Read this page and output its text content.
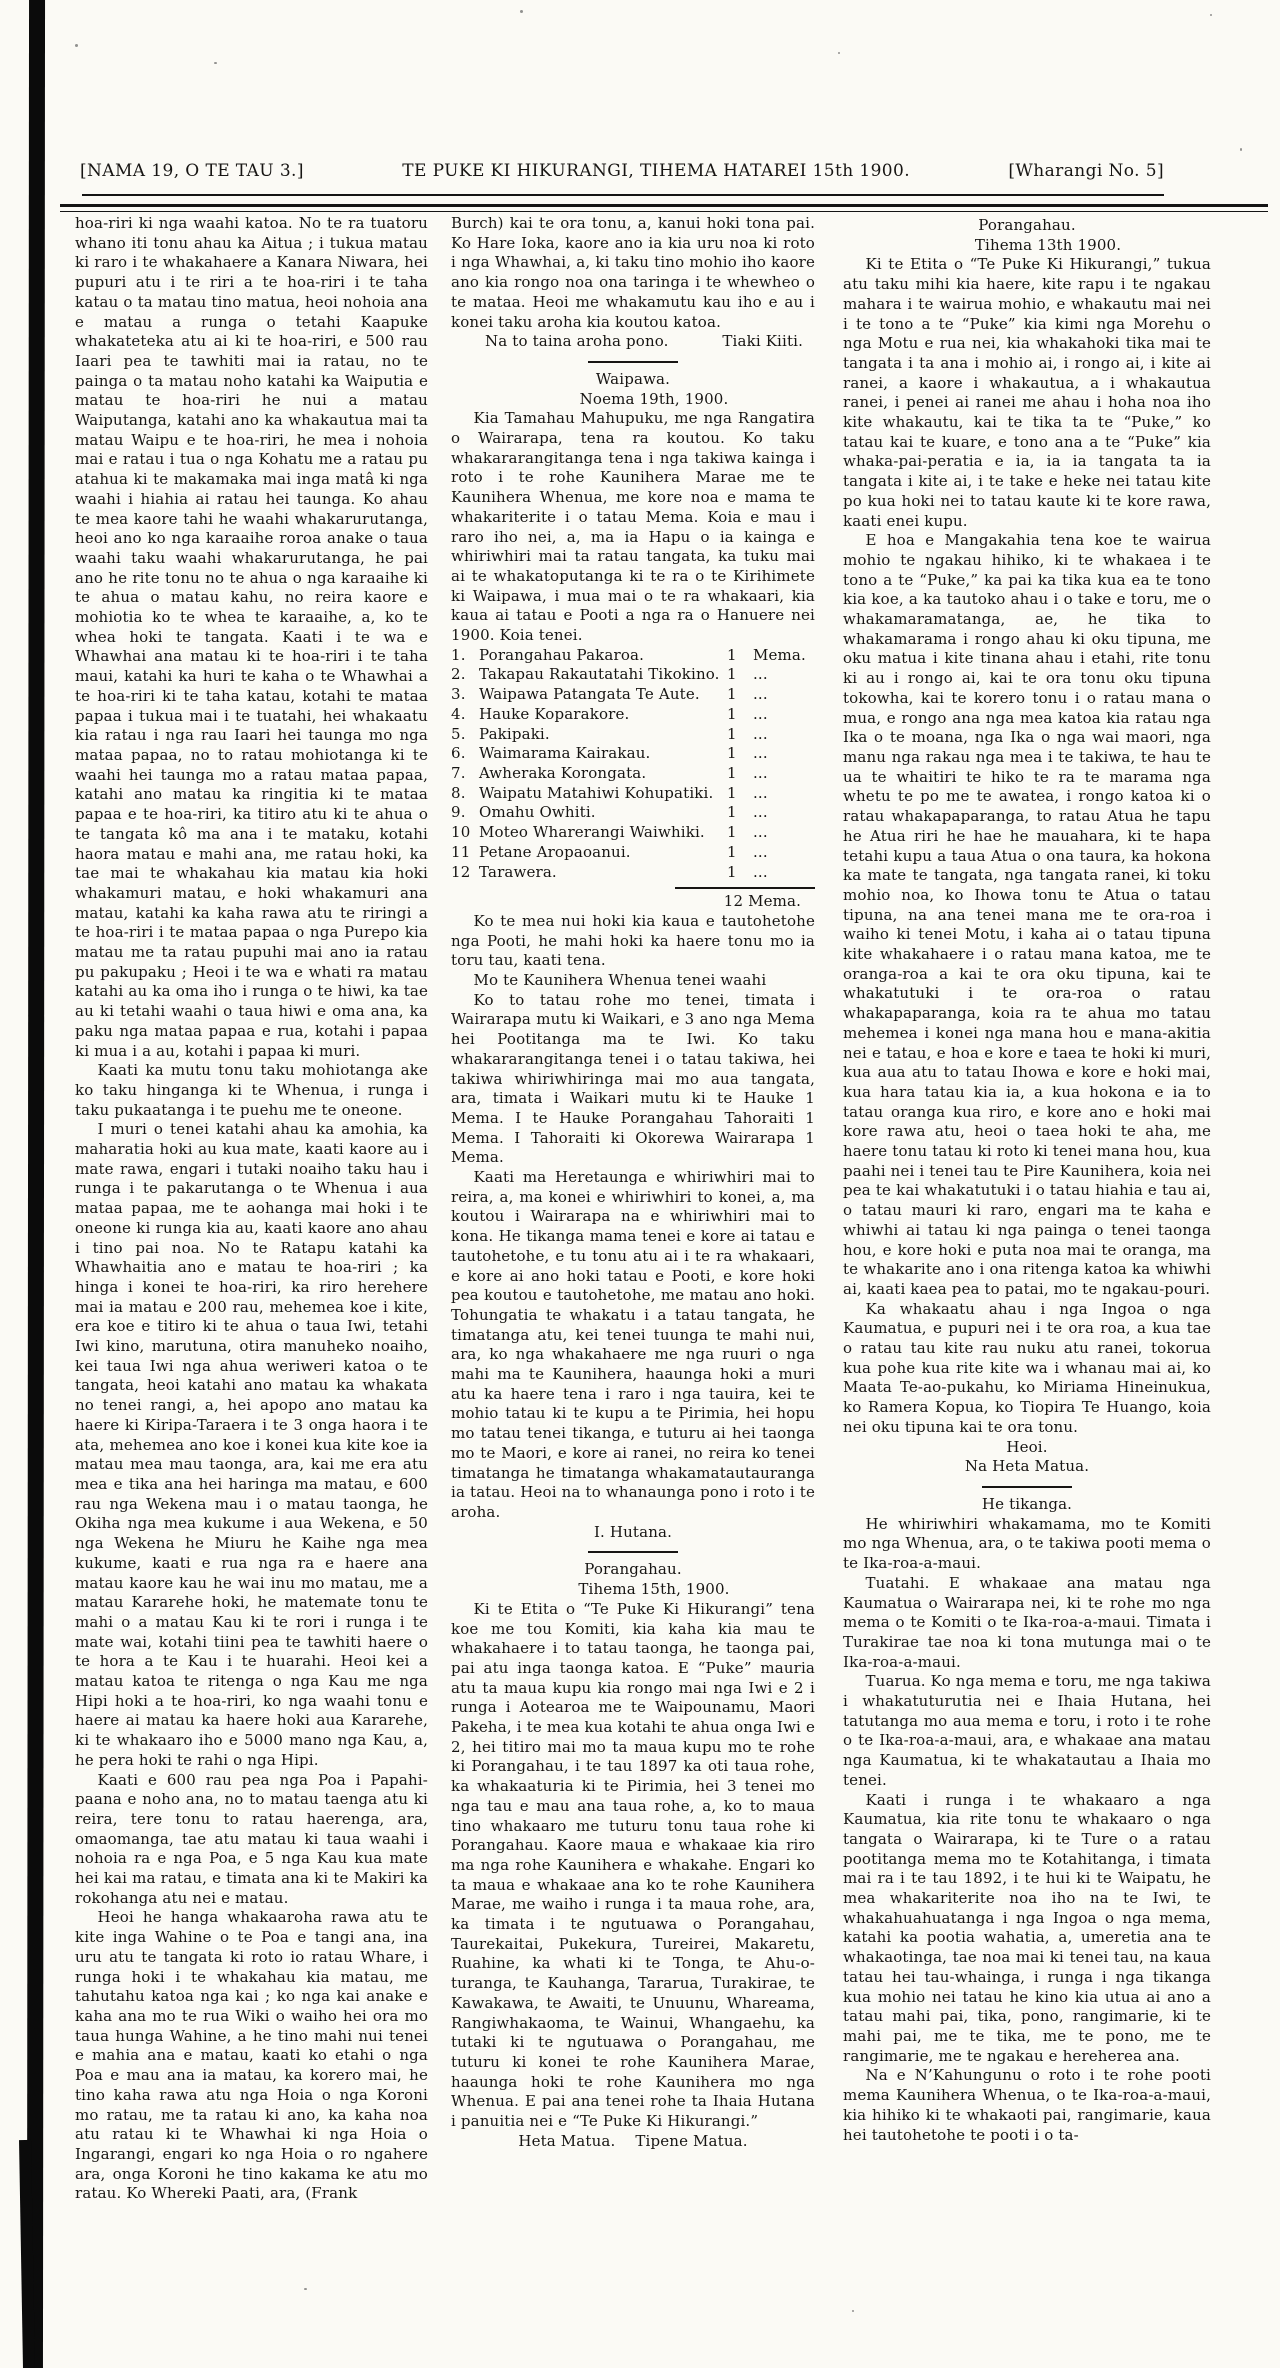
[NAMA 19, O TE TAU 3.]	TE PUKE KI HIKURANGI, TIHEMA HATAREI 15th 1900.	[Wharangi No. 5]

hoa-riri ki nga waahi katoa. No te ra tuatoru whano iti tonu ahau ka Aitua ; i tukua matau ki raro i te whakahaere a Kanara Niwara, hei pupuri atu i te riri a te hoa-riri i te taha katau o ta matau tino matua, heoi nohoia ana e matau a runga o tetahi Kaapuke whakateteka atu ai ki te hoa-riri, e 500 rau Iaari pea te tawhiti mai ia ratau, no te painga o ta matau noho katahi ka Waiputia e matau te hoa-riri he nui a matau Waiputanga, katahi ano ka whakautua mai ta matau Waipu e te hoa-riri, he mea i nohoia mai e ratau i tua o nga Kohatu me a ratau pu atahua ki te makamaka mai inga matâ ki nga waahi i hiahia ai ratau hei taunga. Ko ahau te mea kaore tahi he waahi whakarurutanga, heoi ano ko nga karaaihe roroa anake o taua waahi taku waahi whakarurutanga, he pai ano he rite tonu no te ahua o nga karaaihe ki te ahua o matau kahu, no reira kaore e mohiotia ko te whea te karaaihe, a, ko te whea hoki te tangata. Kaati i te wa e Whawhai ana matau ki te hoa-riri i te taha maui, katahi ka huri te kaha o te Whawhai a te hoa-riri ki te taha katau, kotahi te mataa papaa i tukua mai i te tuatahi, hei whakaatu kia ratau i nga rau Iaari hei taunga mo nga mataa papaa, no to ratau mohiotanga ki te waahi hei taunga mo a ratau mataa papaa, katahi ano matau ka ringitia ki te mataa papaa e te hoa-riri, ka titiro atu ki te ahua o te tangata kô ma ana i te mataku, kotahi haora matau e mahi ana, me ratau hoki, ka tae mai te whakahau kia matau kia hoki whakamuri matau, e hoki whakamuri ana matau, katahi ka kaha rawa atu te riringi a te hoa-riri i te mataa papaa o nga Purepo kia matau me ta ratau pupuhi mai ano ia ratau pu pakupaku ; Heoi i te wa e whati ra matau katahi au ka oma iho i runga o te hiwi, ka tae au ki tetahi waahi o taua hiwi e oma ana, ka paku nga mataa papaa e rua, kotahi i papaa ki mua i a au, kotahi i papaa ki muri.

Kaati ka mutu tonu taku mohiotanga ake ko taku hinganga ki te Whenua, i runga i taku pukaatanga i te puehu me te oneone.

I muri o tenei katahi ahau ka amohia, ka maharatia hoki au kua mate, kaati kaore au i mate rawa, engari i tutaki noaiho taku hau i runga i te pakarutanga o te Whenua i aua mataa papaa, me te aohanga mai hoki i te oneone ki runga kia au, kaati kaore ano ahau i tino pai noa. No te Ratapu katahi ka Whawhaitia ano e matau te hoa-riri ; ka hinga i konei te hoa-riri, ka riro herehere mai ia matau e 200 rau, mehemea koe i kite, era koe e titiro ki te ahua o taua Iwi, tetahi Iwi kino, marutuna, otira manuheko noaiho, kei taua Iwi nga ahua weriweri katoa o te tangata, heoi katahi ano matau ka whakata no tenei rangi, a, hei apopo ano matau ka haere ki Kiripa-Taraera i te 3 onga haora i te ata, mehemea ano koe i konei kua kite koe ia matau mea mau taonga, ara, kai me era atu mea e tika ana hei haringa ma matau, e 600 rau nga Wekena mau i o matau taonga, he Okiha nga mea kukume i aua Wekena, e 50 nga Wekena he Miuru he Kaihe nga mea kukume, kaati e rua nga ra e haere ana matau kaore kau he wai inu mo matau, me a matau Kararehe hoki, he matemate tonu te mahi o a matau Kau ki te rori i runga i te mate wai, kotahi tiini pea te tawhiti haere o te hora a te Kau i te huarahi. Heoi kei a matau katoa te ritenga o nga Kau me nga Hipi hoki a te hoa-riri, ko nga waahi tonu e haere ai matau ka haere hoki aua Kararehe, ki te whakaaro iho e 5000 mano nga Kau, a, he pera hoki te rahi o nga Hipi.

Kaati e 600 rau pea nga Poa i Papahi-paana e noho ana, no to matau taenga atu ki reira, tere tonu to ratau haerenga, ara, omaomanga, tae atu matau ki taua waahi i nohoia ra e nga Poa, e 5 nga Kau kua mate hei kai ma ratau, e timata ana ki te Makiri ka rokohanga atu nei e matau.

Heoi he hanga whakaaroha rawa atu te kite inga Wahine o te Poa e tangi ana, ina uru atu te tangata ki roto io ratau Whare, i runga hoki i te whakahau kia matau, me tahutahu katoa nga kai ; ko nga kai anake e kaha ana mo te rua Wiki o waiho hei ora mo taua hunga Wahine, a he tino mahi nui tenei e mahia ana e matau, kaati ko etahi o nga Poa e mau ana ia matau, ka korero mai, he tino kaha rawa atu nga Hoia o nga Koroni mo ratau, me ta ratau ki ano, ka kaha noa atu ratau ki te Whawhai ki nga Hoia o Ingarangi, engari ko nga Hoia o ro ngahere ara, onga Koroni he tino kakama ke atu mo ratau. Ko Whereki Paati, ara, (Frank

Burch) kai te ora tonu, a, kanui hoki tona pai. Ko Hare Ioka, kaore ano ia kia uru noa ki roto i nga Whawhai, a, ki taku tino mohio iho kaore ano kia rongo noa ona taringa i te whewheo o te mataa. Heoi me whakamutu kau iho e au i konei taku aroha kia koutou katoa.

Na to taina aroha pono.	Tiaki Kiiti.

Waipawa.

Noema 19th, 1900.

Kia Tamahau Mahupuku, me nga Rangatira o Wairarapa, tena ra koutou. Ko taku whakararangitanga tena i nga takiwa kainga i roto i te rohe Kaunihera Marae me te Kaunihera Whenua, me kore noa e mama te whakariterite i o tatau Mema. Koia e mau i raro iho nei, a, ma ia Hapu o ia kainga e whiriwhiri mai ta ratau tangata, ka tuku mai ai te whakatoputanga ki te ra o te Kirihimete ki Waipawa, i mua mai o te ra whakaari, kia kaua ai tatau e Pooti a nga ra o Hanuere nei 1900. Koia tenei.

1. Porangahau Pakaroa.	1	Mema.
2. Takapau Rakautatahi Tikokino. 1	...
3. Waipawa Patangata Te Aute.	1	...
4. Hauke Koparakore.	1	...
5. Pakipaki.	1	...
6. Waimarama Kairakau.	1	...
7. Awheraka Korongata.	1	...
8. Waipatu Matahiwi Kohupatiki. 1	...
9. Omahu Owhiti.	1	...
10 Moteo Wharerangi Waiwhiki.	1	...
11 Petane Aropaoanui.	1	...
12 Tarawera.	1	...

12 Mema.

Ko te mea nui hoki kia kaua e tautohetohe nga Pooti, he mahi hoki ka haere tonu mo ia toru tau, kaati tena.

Mo te Kaunihera Whenua tenei waahi

Ko to tatau rohe mo tenei, timata i Wairarapa mutu ki Waikari, e 3 ano nga Mema hei Pootitanga ma te Iwi. Ko taku whakararangitanga tenei i o tatau takiwa, hei takiwa whiriwhiringa mai mo aua tangata, ara, timata i Waikari mutu ki te Hauke 1 Mema. I te Hauke Porangahau Tahoraiti 1 Mema. I Tahoraiti ki Okorewa Wairarapa 1 Mema.

Kaati ma Heretaunga e whiriwhiri mai to reira, a, ma konei e whiriwhiri to konei, a, ma koutou i Wairarapa na e whiriwhiri mai to kona. He tikanga mama tenei e kore ai tatau e tautohetohe, e tu tonu atu ai i te ra whakaari, e kore ai ano hoki tatau e Pooti, e kore hoki pea koutou e tautohetohe, me matau ano hoki. Tohungatia te whakatu i a tatau tangata, he timatanga atu, kei tenei tuunga te mahi nui, ara, ko nga whakahaere me nga ruuri o nga mahi ma te Kaunihera, haaunga hoki a muri atu ka haere tena i raro i nga tauira, kei te mohio tatau ki te kupu a te Pirimia, hei hopu mo tatau tenei tikanga, e tuturu ai hei taonga mo te Maori, e kore ai ranei, no reira ko tenei timatanga he timatanga whakamatautauranga ia tatau. Heoi na to whanaunga pono i roto i te aroha.

I. Hutana.

Porangahau.

Tihema 15th, 1900.

Ki te Etita o “Te Puke Ki Hikurangi” tena koe me tou Komiti, kia kaha kia mau te whakahaere i to tatau taonga, he taonga pai, pai atu inga taonga katoa. E “Puke” mauria atu ta maua kupu kia rongo mai nga Iwi e 2 i runga i Aotearoa me te Waipounamu, Maori Pakeha, i te mea kua kotahi te ahua onga Iwi e 2, hei titiro mai mo ta maua kupu mo te rohe ki Porangahau, i te tau 1897 ka oti taua rohe, ka whakaaturia ki te Pirimia, hei 3 tenei mo nga tau e mau ana taua rohe, a, ko to maua tino whakaaro me tuturu tonu taua rohe ki Porangahau. Kaore maua e whakaae kia riro ma nga rohe Kaunihera e whakahe. Engari ko ta maua e whakaae ana ko te rohe Kaunihera Marae, me waiho i runga i ta maua rohe, ara, ka timata i te ngutuawa o Porangahau, Taurekaitai, Pukekura, Tureirei, Makaretu, Ruahine, ka whati ki te Tonga, te Ahu-o-turanga, te Kauhanga, Tararua, Turakirae, te Kawakawa, te Awaiti, te Unuunu, Whareama, Rangiwhakaoma, te Wainui, Whangaehu, ka tutaki ki te ngutuawa o Porangahau, me tuturu ki konei te rohe Kaunihera Marae, haaunga hoki te rohe Kaunihera mo nga Whenua. E pai ana tenei rohe ta Ihaia Hutana i panuitia nei e “Te Puke Ki Hikurangi.”

Heta Matua. Tipene Matua.

Porangahau.

Tihema 13th 1900.

Ki te Etita o “Te Puke Ki Hikurangi,” tukua atu taku mihi kia haere, kite rapu i te ngakau mahara i te wairua mohio, e whakautu mai nei i te tono a te “Puke” kia kimi nga Morehu o nga Motu e rua nei, kia whakahoki tika mai te tangata i ta ana i mohio ai, i rongo ai, i kite ai ranei, a kaore i whakautua, a i whakautua ranei, i penei ai ranei me ahau i hoha noa iho kite whakautu, kai te tika ta te “Puke,” ko tatau kai te kuare, e tono ana a te “Puke” kia whaka-pai-peratia e ia, ia ia tangata ta ia tangata i kite ai, i te take e heke nei tatau kite po kua hoki nei to tatau kaute ki te kore rawa, kaati enei kupu.

E hoa e Mangakahia tena koe te wairua mohio te ngakau hihiko, ki te whakaea i te tono a te “Puke,” ka pai ka tika kua ea te tono kia koe, a ka tautoko ahau i o take e toru, me o whakamaramatanga, ae, he tika to whakamarama i rongo ahau ki oku tipuna, me oku matua i kite tinana ahau i etahi, rite tonu ki au i rongo ai, kai te ora tonu oku tipuna tokowha, kai te korero tonu i o ratau mana o mua, e rongo ana nga mea katoa kia ratau nga Ika o te moana, nga Ika o nga wai maori, nga manu nga rakau nga mea i te takiwa, te hau te ua te whaitiri te hiko te ra te marama nga whetu te po me te awatea, i rongo katoa ki o ratau whakapaparanga, to ratau Atua he tapu he Atua riri he hae he mauahara, ki te hapa tetahi kupu a taua Atua o ona taura, ka hokona ka mate te tangata, nga tangata ranei, ki toku mohio noa, ko Ihowa tonu te Atua o tatau tipuna, na ana tenei mana me te ora-roa i waiho ki tenei Motu, i kaha ai o tatau tipuna kite whakahaere i o ratau mana katoa, me te oranga-roa a kai te ora oku tipuna, kai te whakatutuki i te ora-roa o ratau whakapaparanga, koia ra te ahua mo tatau mehemea i konei nga mana hou e mana-akitia nei e tatau, e hoa e kore e taea te hoki ki muri, kua aua atu to tatau Ihowa e kore e hoki mai, kua hara tatau kia ia, a kua hokona e ia to tatau oranga kua riro, e kore ano e hoki mai kore rawa atu, heoi o taea hoki te aha, me haere tonu tatau ki roto ki tenei mana hou, kua paahi nei i tenei tau te Pire Kaunihera, koia nei pea te kai whakatutuki i o tatau hiahia e tau ai, o tatau mauri ki raro, engari ma te kaha e whiwhi ai tatau ki nga painga o tenei taonga hou, e kore hoki e puta noa mai te oranga, ma te whakarite ano i ona ritenga katoa ka whiwhi ai, kaati kaea pea to patai, mo te ngakau-pouri.

Ka whakaatu ahau i nga Ingoa o nga Kaumatua, e pupuri nei i te ora roa, a kua tae o ratau tau kite rau nuku atu ranei, tokorua kua pohe kua rite kite wa i whanau mai ai, ko Maata Te-ao-pukahu, ko Miriama Hineinukua, ko Ramera Kopua, ko Tiopira Te Huango, koia nei oku tipuna kai te ora tonu.

Heoi.

Na Heta Matua.

He tikanga.

He whiriwhiri whakamama, mo te Komiti mo nga Whenua, ara, o te takiwa pooti mema o te Ika-roa-a-maui.

Tuatahi. E whakaae ana matau nga Kaumatua o Wairarapa nei, ki te rohe mo nga mema o te Komiti o te Ika-roa-a-maui. Timata i Turakirae tae noa ki tona mutunga mai o te Ika-roa-a-maui.

Tuarua. Ko nga mema e toru, me nga takiwa i whakatuturutia nei e Ihaia Hutana, hei tatutanga mo aua mema e toru, i roto i te rohe o te Ika-roa-a-maui, ara, e whakaae ana matau nga Kaumatua, ki te whakatautau a Ihaia mo tenei.

Kaati i runga i te whakaaro a nga Kaumatua, kia rite tonu te whakaaro o nga tangata o Wairarapa, ki te Ture o a ratau pootitanga mema mo te Kotahitanga, i timata mai ra i te tau 1892, i te hui ki te Waipatu, he mea whakariterite noa iho na te Iwi, te whakahuahuatanga i nga Ingoa o nga mema, katahi ka pootia wahatia, a, umeretia ana te whakaotinga, tae noa mai ki tenei tau, na kaua tatau hei tau-whainga, i runga i nga tikanga kua mohio nei tatau he kino kia utua ai ano a tatau mahi pai, tika, pono, rangimarie, ki te mahi pai, me te tika, me te pono, me te rangimarie, me te ngakau e hereherea ana.

Na e N’Kahungunu o roto i te rohe pooti mema Kaunihera Whenua, o te Ika-roa-a-maui, kia hihiko ki te whakaoti pai, rangimarie, kaua hei tautohetohe te pooti i o ta-
